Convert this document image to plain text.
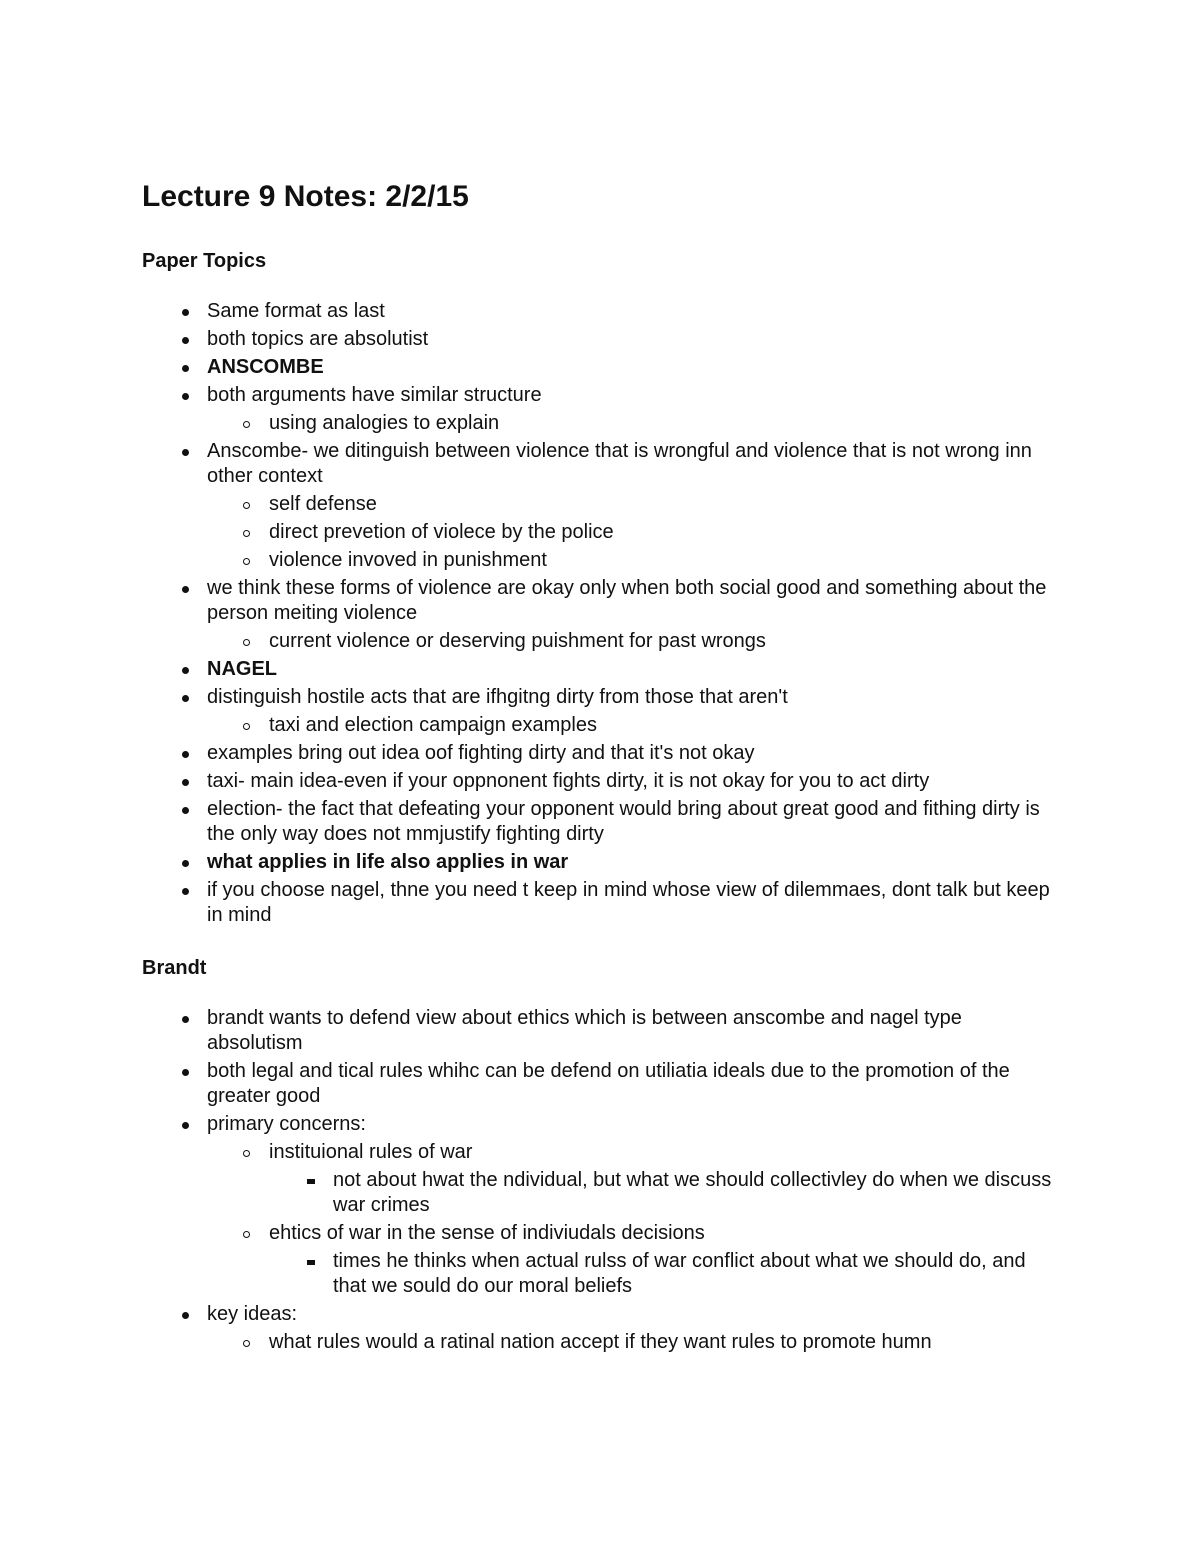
Lecture 9 Notes: 2/2/15
Paper Topics
Same format as last
both topics are absolutist
ANSCOMBE
both arguments have similar structure
using analogies to explain
Anscombe- we ditinguish between violence that is wrongful and violence that is not wrong inn other context
self defense
direct prevetion of violece by the police
violence invoved in punishment
we think these forms of violence are okay only when both social good and something about the person meiting violence
current violence or deserving puishment for past wrongs
NAGEL
distinguish hostile acts that are ifhgitng dirty from those that aren't
taxi and election campaign examples
examples bring out idea oof fighting dirty and that it's not okay
taxi- main idea-even if your oppnonent fights dirty, it is not okay for you to act dirty
election- the fact that defeating your opponent would bring about great good and fithing dirty is the only way does not mmjustify fighting dirty
what applies in life also applies in war
if you choose nagel, thne you need t keep in mind whose view of dilemmaes, dont talk but keep in mind
Brandt
brandt wants to defend view about ethics which is between anscombe and nagel type absolutism
both legal and tical rules whihc can be defend on utiliatia ideals due to the promotion of the greater good
primary concerns:
instituional rules of war
not about hwat the ndividual, but what we should collectivley do when we discuss war crimes
ehtics of war in the sense of indiviudals decisions
times he thinks when actual rulss of war conflict about what we should do, and that we sould do our moral beliefs
key ideas:
what rules would a ratinal nation accept if they want rules to promote humn
